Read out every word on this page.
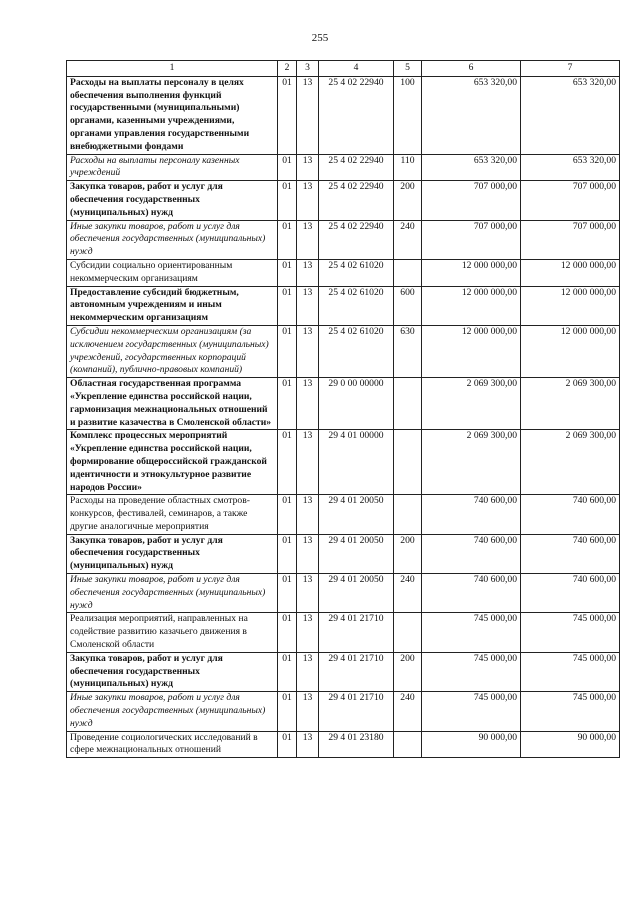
255
1	2	3	4	5	6	7
Расходы на выплаты персоналу в целях обеспечения выполнения функций государственными (муниципальными) органами, казенными учреждениями, органами управления государственными внебюджетными фондами	01	13	25 4 02 22940	100	653 320,00	653 320,00
Расходы на выплаты персоналу казенных учреждений	01	13	25 4 02 22940	110	653 320,00	653 320,00
Закупка товаров, работ и услуг для обеспечения государственных (муниципальных) нужд	01	13	25 4 02 22940	200	707 000,00	707 000,00
Иные закупки товаров, работ и услуг для обеспечения государственных (муниципальных) нужд	01	13	25 4 02 22940	240	707 000,00	707 000,00
Субсидии социально ориентированным некоммерческим организациям	01	13	25 4 02 61020		12 000 000,00	12 000 000,00
Предоставление субсидий бюджетным, автономным учреждениям и иным некоммерческим организациям	01	13	25 4 02 61020	600	12 000 000,00	12 000 000,00
Субсидии некоммерческим организациям (за исключением государственных (муниципальных) учреждений, государственных корпораций (компаний), публично-правовых компаний)	01	13	25 4 02 61020	630	12 000 000,00	12 000 000,00
Областная государственная программа «Укрепление единства российской нации, гармонизация межнациональных отношений и развитие казачества в Смоленской области»	01	13	29 0 00 00000		2 069 300,00	2 069 300,00
Комплекс процессных мероприятий «Укрепление единства российской нации, формирование общероссийской гражданской идентичности и этнокультурное развитие народов России»	01	13	29 4 01 00000		2 069 300,00	2 069 300,00
Расходы на проведение областных смотров-конкурсов, фестивалей, семинаров, а также другие аналогичные мероприятия	01	13	29 4 01 20050		740 600,00	740 600,00
Закупка товаров, работ и услуг для обеспечения государственных (муниципальных) нужд	01	13	29 4 01 20050	200	740 600,00	740 600,00
Иные закупки товаров, работ и услуг для обеспечения государственных (муниципальных) нужд	01	13	29 4 01 20050	240	740 600,00	740 600,00
Реализация мероприятий, направленных на содействие развитию казачьего движения в Смоленской области	01	13	29 4 01 21710		745 000,00	745 000,00
Закупка товаров, работ и услуг для обеспечения государственных (муниципальных) нужд	01	13	29 4 01 21710	200	745 000,00	745 000,00
Иные закупки товаров, работ и услуг для обеспечения государственных (муниципальных) нужд	01	13	29 4 01 21710	240	745 000,00	745 000,00
Проведение социологических исследований в сфере межнациональных отношений	01	13	29 4 01 23180		90 000,00	90 000,00
